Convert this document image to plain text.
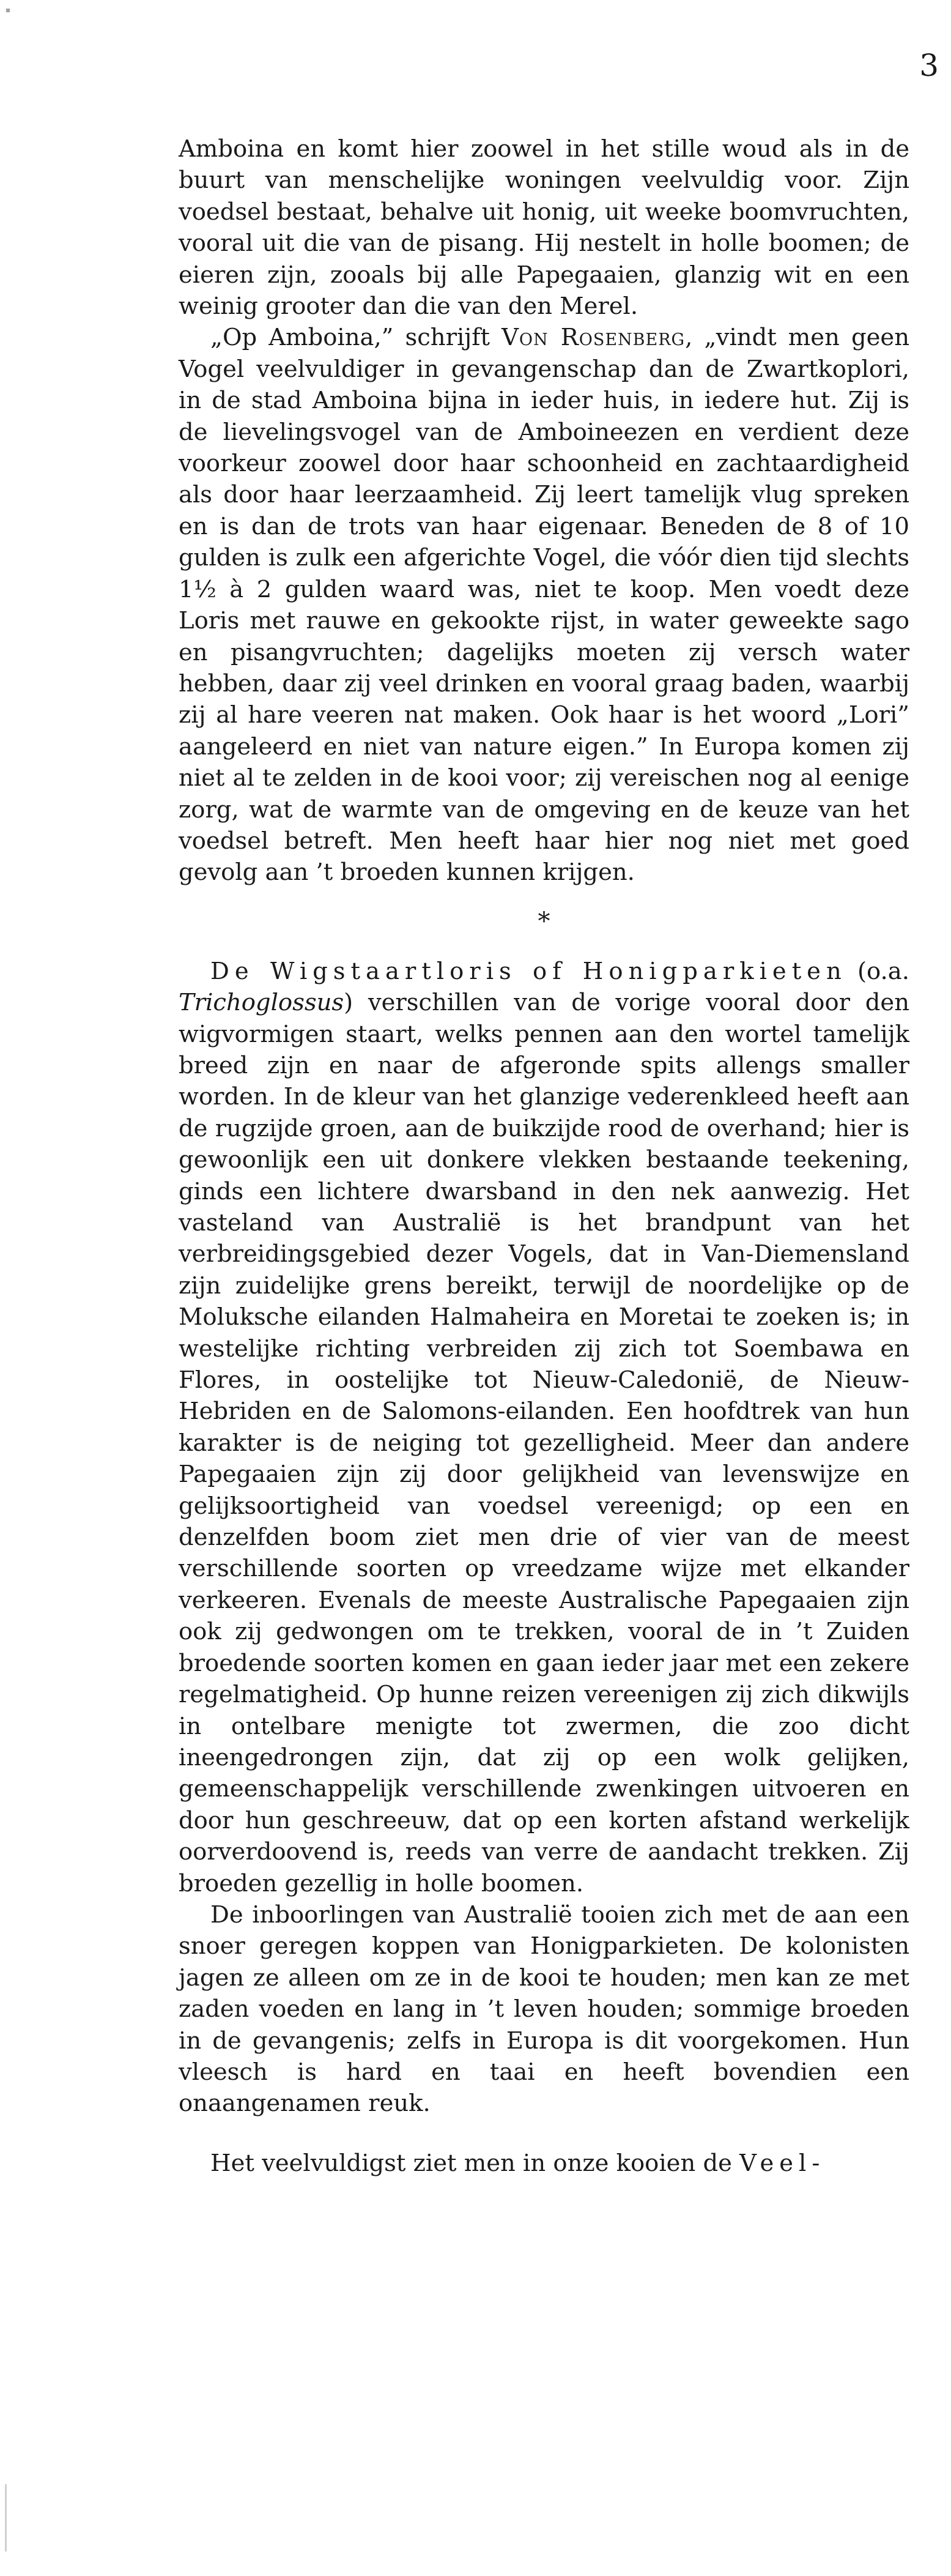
3

Amboina en komt hier zoowel in het stille woud als in de buurt van menschelijke woningen veelvuldig voor. Zijn voedsel bestaat, behalve uit honig, uit weeke boomvruchten, vooral uit die van de pisang. Hij nestelt in holle boomen; de eieren zijn, zooals bij alle Papegaaien, glanzig wit en een weinig grooter dan die van den Merel.

„Op Amboina,” schrijft Von Rosenberg, „vindt men geen Vogel veelvuldiger in gevangenschap dan de Zwartkoplori, in de stad Amboina bijna in ieder huis, in iedere hut. Zij is de lievelingsvogel van de Amboineezen en verdient deze voorkeur zoowel door haar schoonheid en zachtaardigheid als door haar leerzaamheid. Zij leert tamelijk vlug spreken en is dan de trots van haar eigenaar. Beneden de 8 of 10 gulden is zulk een afgerichte Vogel, die vóór dien tijd slechts 1½ à 2 gulden waard was, niet te koop. Men voedt deze Loris met rauwe en gekookte rijst, in water geweekte sago en pisangvruchten; dagelijks moeten zij versch water hebben, daar zij veel drinken en vooral graag baden, waarbij zij al hare veeren nat maken. Ook haar is het woord „Lori” aangeleerd en niet van nature eigen.” In Europa komen zij niet al te zelden in de kooi voor; zij vereischen nog al eenige zorg, wat de warmte van de omgeving en de keuze van het voedsel betreft. Men heeft haar hier nog niet met goed gevolg aan ’t broeden kunnen krijgen.

*

De Wigstaartloris of Honigparkieten (o.a. Trichoglossus) verschillen van de vorige vooral door den wigvormigen staart, welks pennen aan den wortel tamelijk breed zijn en naar de afgeronde spits allengs smaller worden. In de kleur van het glanzige vederenkleed heeft aan de rugzijde groen, aan de buikzijde rood de overhand; hier is gewoonlijk een uit donkere vlekken bestaande teekening, ginds een lichtere dwarsband in den nek aanwezig. Het vasteland van Australië is het brandpunt van het verbreidingsgebied dezer Vogels, dat in Van-Diemensland zijn zuidelijke grens bereikt, terwijl de noordelijke op de Moluksche eilanden Halmaheira en Moretai te zoeken is; in westelijke richting verbreiden zij zich tot Soembawa en Flores, in oostelijke tot Nieuw-Caledonië, de Nieuw-Hebriden en de Salomons-eilanden. Een hoofdtrek van hun karakter is de neiging tot gezelligheid. Meer dan andere Papegaaien zijn zij door gelijkheid van levenswijze en gelijksoortigheid van voedsel vereenigd; op een en denzelfden boom ziet men drie of vier van de meest verschillende soorten op vreedzame wijze met elkander verkeeren. Evenals de meeste Australische Papegaaien zijn ook zij gedwongen om te trekken, vooral de in ’t Zuiden broedende soorten komen en gaan ieder jaar met een zekere regelmatigheid. Op hunne reizen vereenigen zij zich dikwijls in ontelbare menigte tot zwermen, die zoo dicht ineengedrongen zijn, dat zij op een wolk gelijken, gemeenschappelijk verschillende zwenkingen uitvoeren en door hun geschreeuw, dat op een korten afstand werkelijk oorverdoovend is, reeds van verre de aandacht trekken. Zij broeden gezellig in holle boomen.

De inboorlingen van Australië tooien zich met de aan een snoer geregen koppen van Honigparkieten. De kolonisten jagen ze alleen om ze in de kooi te houden; men kan ze met zaden voeden en lang in ’t leven houden; sommige broeden in de gevangenis; zelfs in Europa is dit voorgekomen. Hun vleesch is hard en taai en heeft bovendien een onaangenamen reuk.

Het veelvuldigst ziet men in onze kooien de Veel-
